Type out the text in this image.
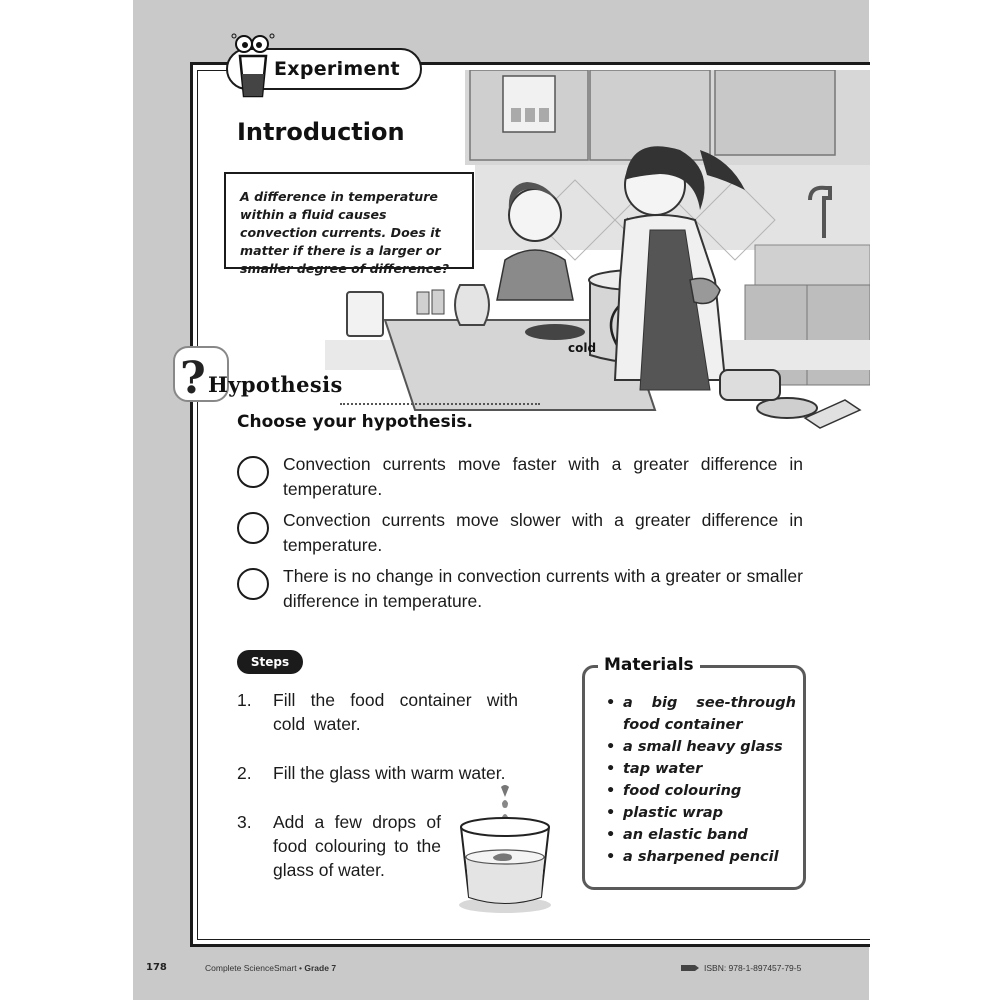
cold
Experiment
Introduction
A difference in temperature within a fluid causes convection currents. Does it matter if there is a larger or smaller degree of difference?
? Hypothesis
Choose your hypothesis.
Convection currents move faster with a greater difference in temperature.
Convection currents move slower with a greater difference in temperature.
There is no change in convection currents with a greater or smaller difference in temperature.
Steps
1. Fill the food container with cold water.
2. Fill the glass with warm water.
3. Add a few drops of food colouring to the glass of water.
Materials
• a big see-through food container
• a small heavy glass
• tap water
• food colouring
• plastic wrap
• an elastic band
• a sharpened pencil
178	Complete ScienceSmart • Grade 7	ISBN: 978-1-897457-79-5
